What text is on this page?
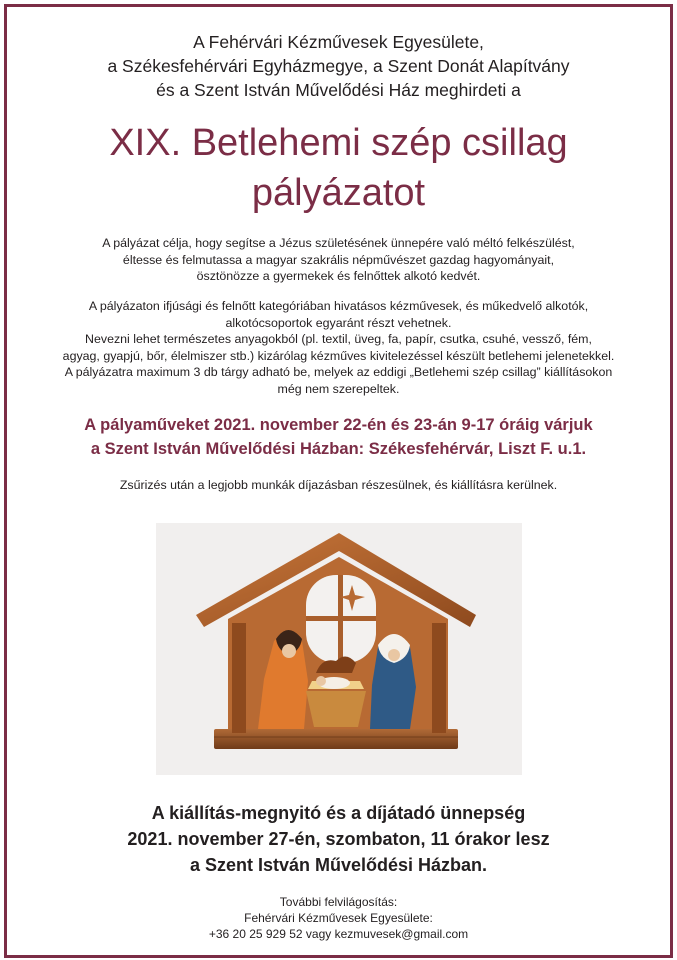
A Fehérvári Kézművesek Egyesülete,
a Székesfehérvári Egyházmegye, a Szent Donát Alapítvány
és a Szent István Művelődési Ház meghirdeti a
XIX. Betlehemi szép csillag
pályázatot
A pályázat célja, hogy segítse a Jézus születésének ünnepére való méltó felkészülést,
éltesse és felmutassa a magyar szakrális népművészet gazdag hagyományait,
ösztönözze a gyermekek és felnőttek alkotó kedvét.
A pályázaton ifjúsági és felnőtt kategóriában hivatásos kézművesek, és műkedvelő alkotók,
alkotócsoportok egyaránt részt vehetnek.
Nevezni lehet természetes anyagokból (pl. textil, üveg, fa, papír, csutka, csuhé, vessző, fém,
agyag, gyapjú, bőr, élelmiszer stb.) kizárólag kézműves kivitelezéssel készült betlehemi jelenetekkel.
A pályázatra maximum 3 db tárgy adható be, melyek az eddigi „Betlehemi szép csillag” kiállításokon
még nem szerepeltek.
A pályaműveket 2021. november 22-én és 23-án 9-17 óráig várjuk
a Szent István Művelődési Házban: Székesfehérvár, Liszt F. u.1.
Zsűrizés után a legjobb munkák díjazásban részesülnek, és kiállításra kerülnek.
A kiállítás-megnyitó és a díjátadó ünnepség
2021. november 27-én, szombaton, 11 órakor lesz
a Szent István Művelődési Házban.
További felvilágosítás:
Fehérvári Kézművesek Egyesülete:
+36 20 25 929 52 vagy kezmuvesek@gmail.com
